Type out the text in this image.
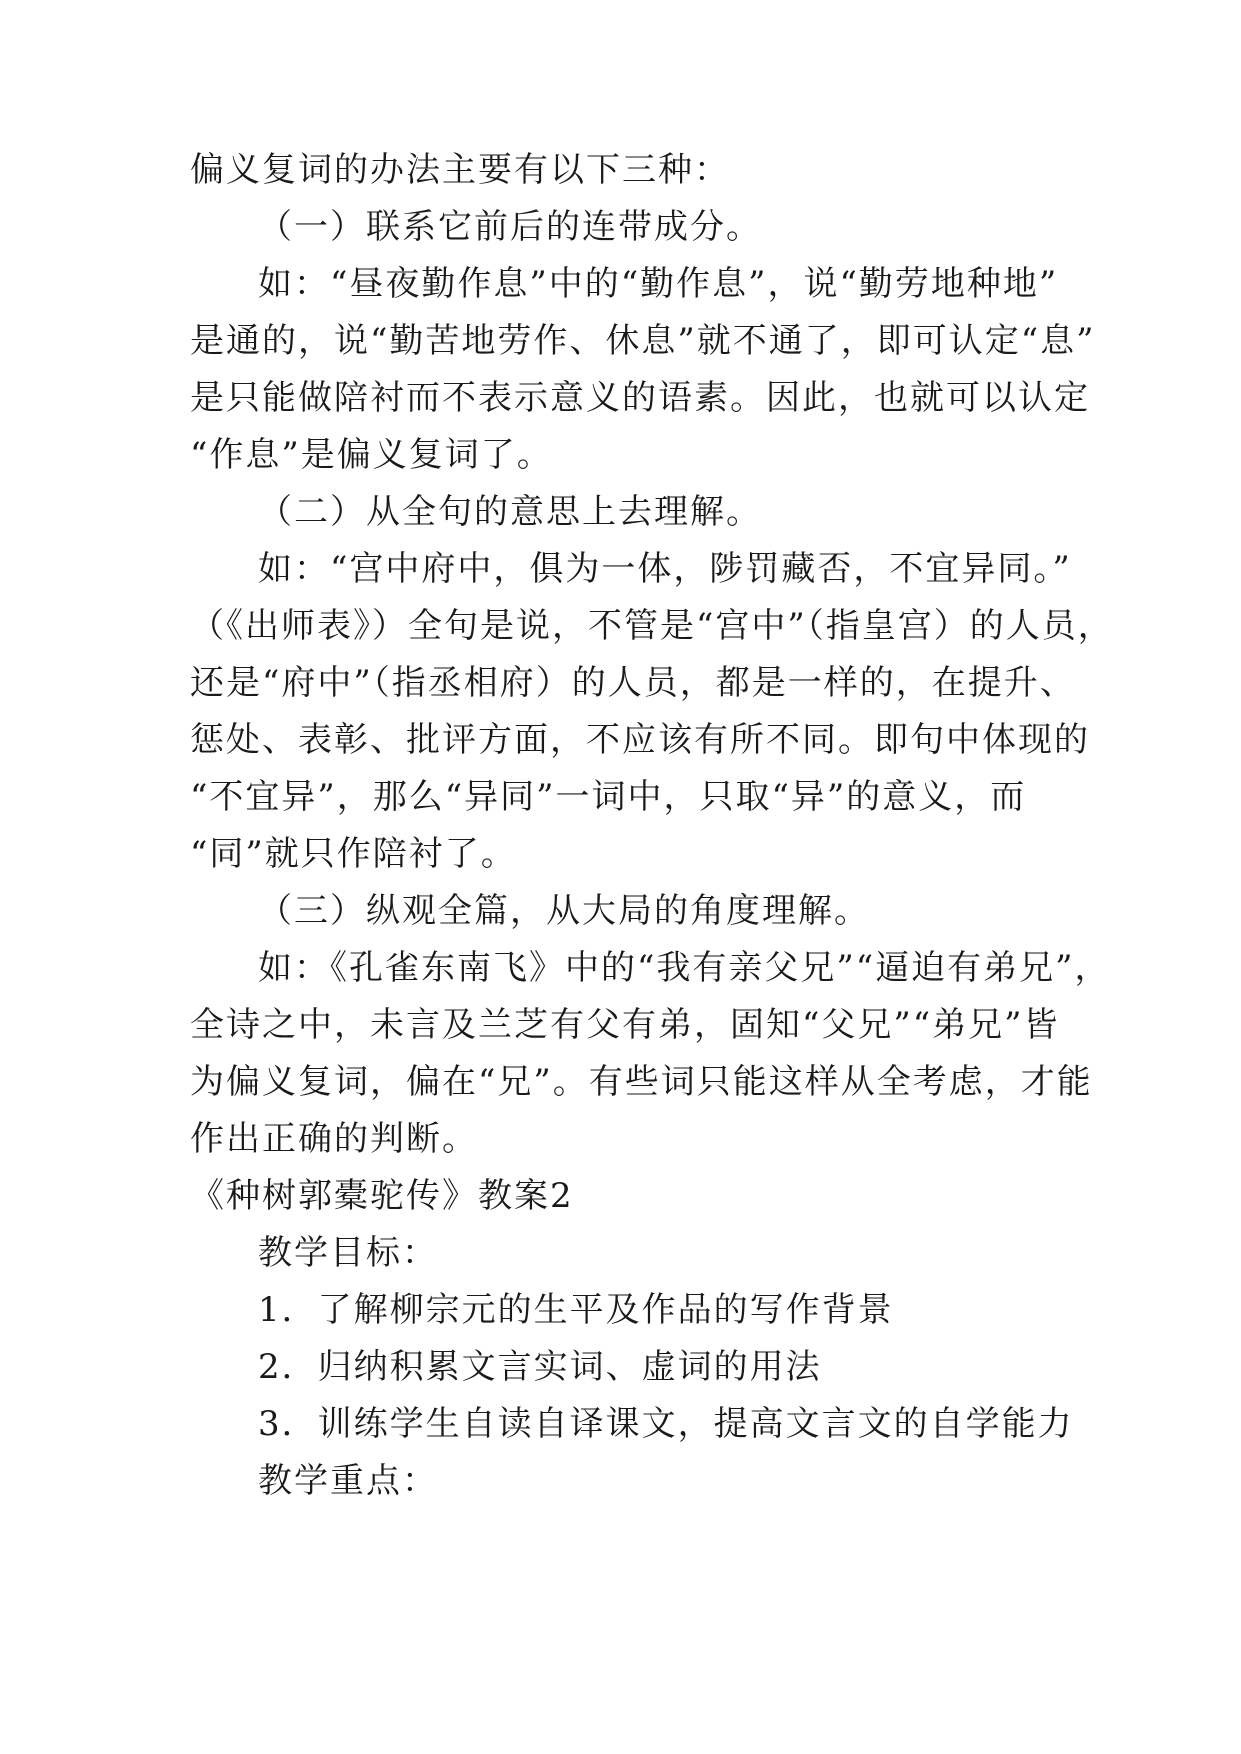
偏义复词的办法主要有以下三种：
（一）联系它前后的连带成分。
如：“昼夜勤作息”中的“勤作息”，说“勤劳地种地”
是通的，说“勤苦地劳作、休息”就不通了，即可认定“息”
是只能做陪衬而不表示意义的语素。因此，也就可以认定
“作息”是偏义复词了。
（二）从全句的意思上去理解。
如：“宫中府中，俱为一体，陟罚藏否，不宜异同。”
（《出师表》）全句是说，不管是“宫中”（指皇宫）的人员，
还是“府中”（指丞相府）的人员，都是一样的，在提升、
惩处、表彰、批评方面，不应该有所不同。即句中体现的
“不宜异”，那么“异同”一词中，只取“异”的意义，而
“同”就只作陪衬了。
（三）纵观全篇，从大局的角度理解。
如：《孔雀东南飞》中的“我有亲父兄”“逼迫有弟兄”，
全诗之中，未言及兰芝有父有弟，固知“父兄”“弟兄”皆
为偏义复词，偏在“兄”。有些词只能这样从全考虑，才能
作出正确的判断。
《种树郭橐驼传》教案2
教学目标：
1．了解柳宗元的生平及作品的写作背景
2．归纳积累文言实词、虚词的用法
3．训练学生自读自译课文，提高文言文的自学能力
教学重点：
